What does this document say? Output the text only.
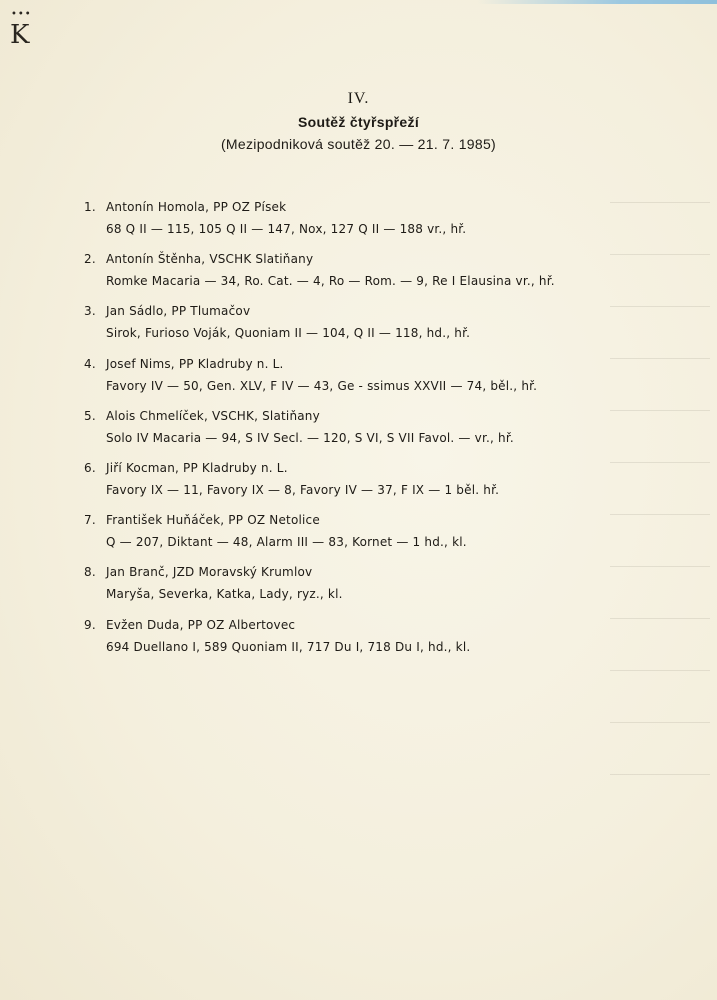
•••
K
IV.
Soutěž čtyřspřeží
(Mezipodniková soutěž 20. — 21. 7. 1985)
1. Antonín Homola, PP OZ Písek
68 Q II — 115, 105 Q II — 147, Nox, 127 Q II — 188 vr., hř.
2. Antonín Štěnha, VSCHK Slatiňany
Romke Macaria — 34, Ro. Cat. — 4, Ro — Rom. — 9, Re I Elausina vr., hř.
3. Jan Sádlo, PP Tlumačov
Sirok, Furioso Voják, Quoniam II — 104, Q II — 118, hd., hř.
4. Josef Nims, PP Kladruby n. L.
Favory IV — 50, Gen. XLV, F IV — 43, Ge - ssimus XXVII — 74, běl., hř.
5. Alois Chmelíček, VSCHK, Slatiňany
Solo IV Macaria — 94, S IV Secl. — 120, S VI, S VII Favol. — vr., hř.
6. Jiří Kocman, PP Kladruby n. L.
Favory IX — 11, Favory IX — 8, Favory IV — 37, F IX — 1 běl. hř.
7. František Huňáček, PP OZ Netolice
Q — 207, Diktant — 48, Alarm III — 83, Kornet — 1 hd., kl.
8. Jan Branč, JZD Moravský Krumlov
Maryša, Severka, Katka, Lady, ryz., kl.
9. Evžen Duda, PP OZ Albertovec
694 Duellano I, 589 Quoniam II, 717 Du I, 718 Du I, hd., kl.
